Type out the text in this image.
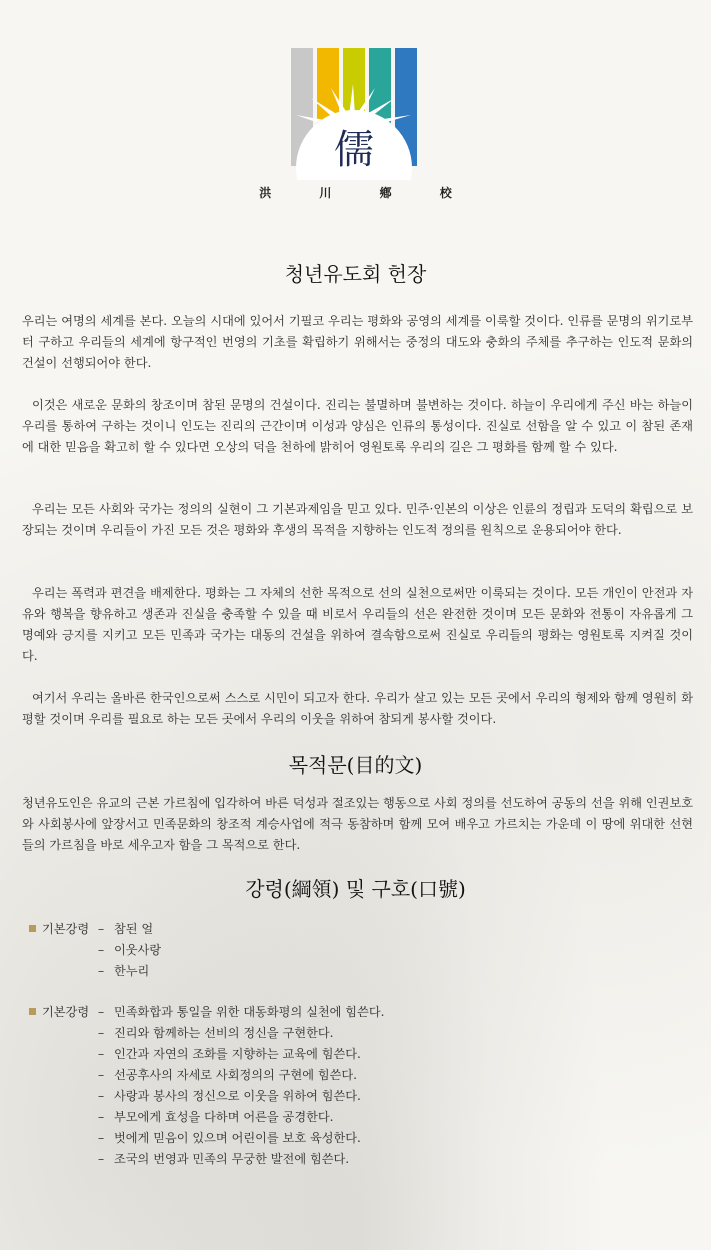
儒
洪 川 鄕 校
청년유도회 헌장

우리는 여명의 세계를 본다. 오늘의 시대에 있어서 기필코 우리는 평화와 공영의 세계를 이룩할 것이다. 인류를 문명의 위기로부터 구하고 우리들의 세계에 항구적인 번영의 기초를 확립하기 위해서는 중정의 대도와 충화의 주체를 추구하는 인도적 문화의 건설이 선행되어야 한다.

이것은 새로운 문화의 창조이며 참된 문명의 건설이다. 진리는 불멸하며 불변하는 것이다. 하늘이 우리에게 주신 바는 하늘이 우리를 통하여 구하는 것이니 인도는 진리의 근간이며 이성과 양심은 인류의 통성이다. 진실로 선함을 알 수 있고 이 참된 존재에 대한 믿음을 확고히 할 수 있다면 오상의 덕을 천하에 밝히어 영원토록 우리의 길은 그 평화를 함께 할 수 있다.

우리는 모든 사회와 국가는 정의의 실현이 그 기본과제임을 믿고 있다. 민주·인본의 이상은 인륜의 정립과 도덕의 확립으로 보장되는 것이며 우리들이 가진 모든 것은 평화와 후생의 목적을 지향하는 인도적 정의를 원칙으로 운용되어야 한다.

우리는 폭력과 편견을 배제한다. 평화는 그 자체의 선한 목적으로 선의 실천으로써만 이룩되는 것이다. 모든 개인이 안전과 자유와 행복을 향유하고 생존과 진실을 충족할 수 있을 때 비로서 우리들의 선은 완전한 것이며 모든 문화와 전통이 자유롭게 그 명예와 긍지를 지키고 모든 민족과 국가는 대동의 건설을 위하여 결속함으로써 진실로 우리들의 평화는 영원토록 지켜질 것이다.

여기서 우리는 올바른 한국인으로써 스스로 시민이 되고자 한다. 우리가 살고 있는 모든 곳에서 우리의 형제와 함께 영원히 화평할 것이며 우리를 필요로 하는 모든 곳에서 우리의 이웃을 위하여 참되게 봉사할 것이다.

목적문(目的文)

청년유도인은 유교의 근본 가르침에 입각하여 바른 덕성과 절조있는 행동으로 사회 정의를 선도하여 공동의 선을 위해 인권보호와 사회봉사에 앞장서고 민족문화의 창조적 계승사업에 적극 동참하며 함께 모여 배우고 가르치는 가운데 이 땅에 위대한 선현들의 가르침을 바로 세우고자 함을 그 목적으로 한다.

강령(綱領) 및 구호(口號)
기본강령 – 참된 얼
– 이웃사랑
– 한누리
기본강령 – 민족화합과 통일을 위한 대동화평의 실천에 힘쓴다.
– 진리와 함께하는 선비의 정신을 구현한다.
– 인간과 자연의 조화를 지향하는 교육에 힘쓴다.
– 선공후사의 자세로 사회정의의 구현에 힘쓴다.
– 사랑과 봉사의 정신으로 이웃을 위하여 힘쓴다.
– 부모에게 효성을 다하며 어른을 공경한다.
– 벗에게 믿음이 있으며 어린이를 보호 육성한다.
– 조국의 번영과 민족의 무궁한 발전에 힘쓴다.
